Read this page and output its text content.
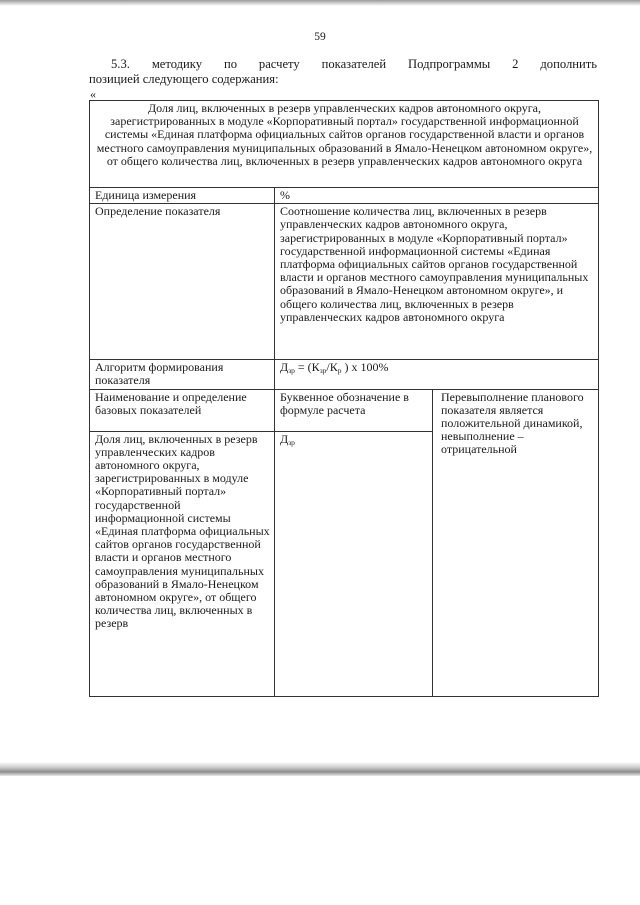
59
5.3. методику по расчету показателей Подпрограммы 2 дополнить
позицией следующего содержания:
«
Доля лиц, включенных в резерв управленческих кадров автономного округа, зарегистрированных в модуле «Корпоративный портал» государственной информационной системы «Единая платформа официальных сайтов органов государственной власти и органов местного самоуправления муниципальных образований в Ямало-Ненецком автономном округе», от общего количества лиц, включенных в резерв управленческих кадров автономного округа		
Единица измерения	%	
Определение показателя	Соотношение количества лиц, включенных в резерв управленческих кадров автономного округа, зарегистрированных в модуле «Корпоративный портал» государственной информационной системы «Единая платформа официальных сайтов органов государственной власти и органов местного самоуправления муниципальных образований в Ямало-Ненецком автономном округе», и общего количества лиц, включенных в резерв управленческих кадров автономного округа	
Алгоритм формирования показателя	$Д_{зр} = (К_{зр}/К_р$ ) х 100%	
Наименование и определение базовых показателей	Буквенное обозначение в формуле расчета	Перевыполнение планового показателя является положительной динамикой, невыполнение – отрицательной
Доля лиц, включенных в резерв управленческих кадров автономного округа, зарегистрированных в модуле «Корпоративный портал» государственной информационной системы «Единая платформа официальных сайтов органов государственной власти и органов местного самоуправления муниципальных образований в Ямало-Ненецком автономном округе», от общего количества лиц, включенных в резерв	$Д_{зр}$
